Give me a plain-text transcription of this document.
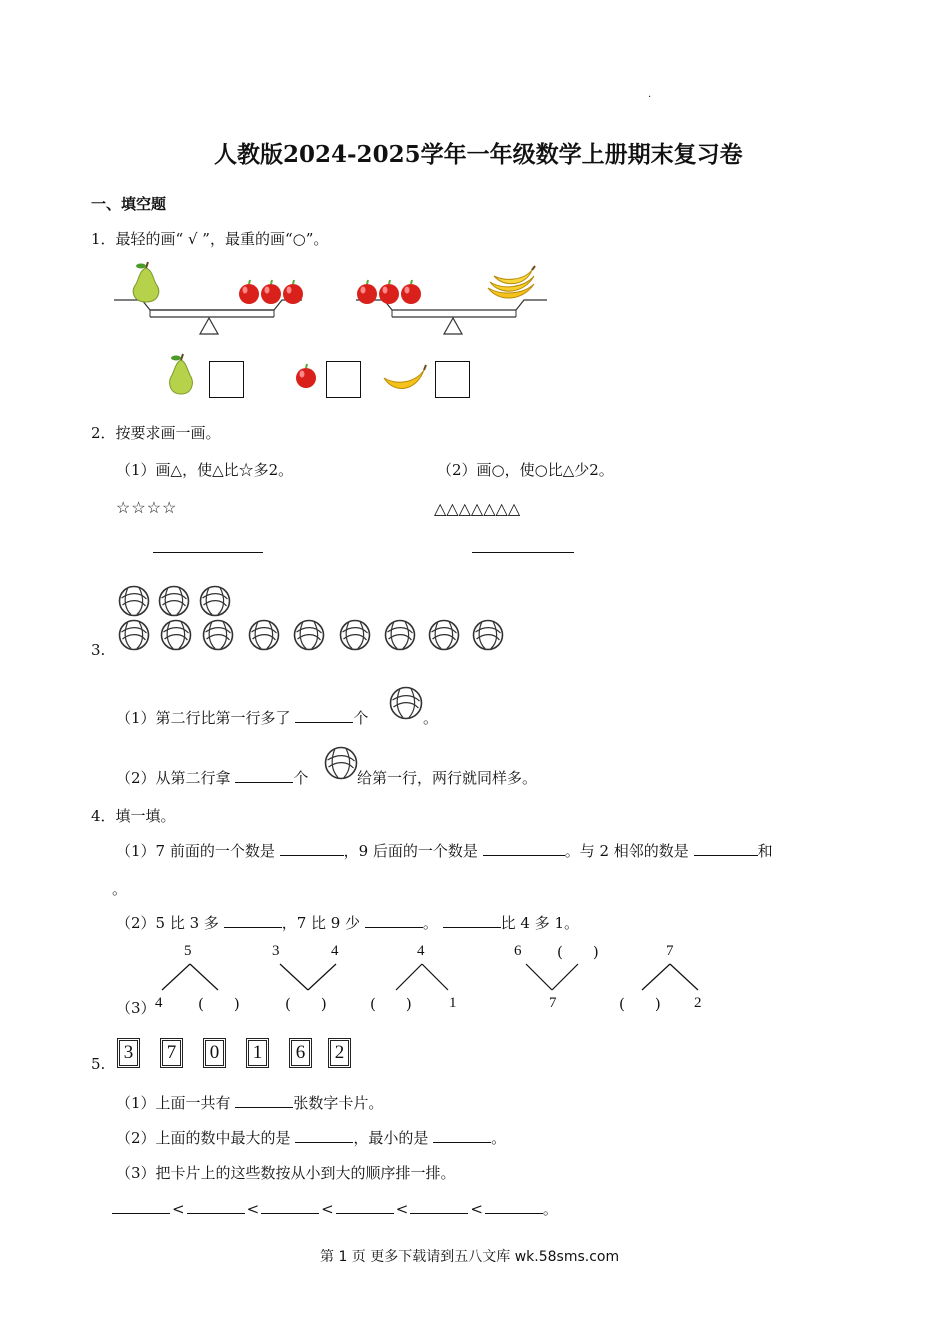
·
人教版2024-2025学年一年级数学上册期末复习卷
一、填空题
1．最轻的画“ √ ”，最重的画“○”。
2．按要求画一画。
（1）画△，使△比☆多2。	（2）画○，使○比△少2。
☆☆☆☆	△△△△△△△
3.
（1）第二行比第一行多了	个	。
（2）从第二行拿	个	给第一行，两行就同样多。
4．填一填。
（1）7 前面的一个数是	，9 后面的一个数是	。与 2 相邻的数是	和
。
（2）5 比 3 多	，7 比 9 少	。	比 4 多 1。
（3）
5
4 (　　)
3	4
(　　)
4
(　　) 1
6 (　　)
7
7
(　　) 2
3 7 0 1 6 2
5.
（1）上面一共有	张数字卡片。
（2）上面的数中最大的是	，最小的是	。
（3）把卡片上的这些数按从小到大的顺序排一排。
<	<	<	<	<	。
第 1 页 更多下载请到五八文库 wk.58sms.com
